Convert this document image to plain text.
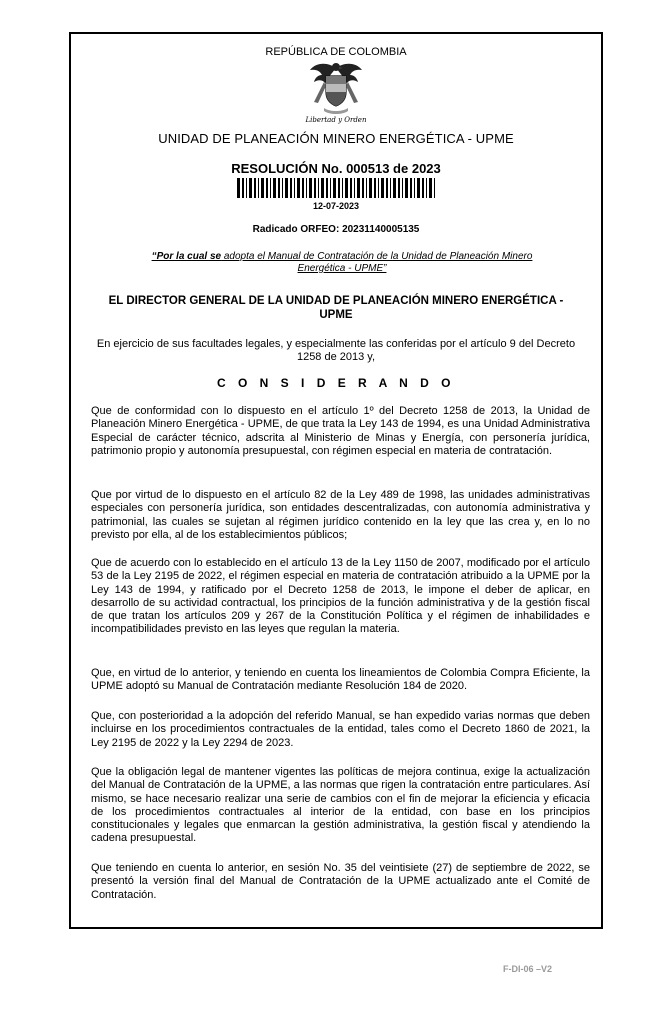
REPÚBLICA DE COLOMBIA
Libertad y Orden
UNIDAD DE PLANEACIÓN MINERO ENERGÉTICA - UPME
RESOLUCIÓN No. 000513 de 2023
12-07-2023
Radicado ORFEO: 20231140005135
“Por la cual se adopta el Manual de Contratación de la Unidad de Planeación Minero Energética - UPME”
EL DIRECTOR GENERAL DE LA UNIDAD DE PLANEACIÓN MINERO ENERGÉTICA - UPME
En ejercicio de sus facultades legales, y especialmente las conferidas por el artículo 9 del Decreto 1258 de 2013 y,
C O N S I D E R A N D O
Que de conformidad con lo dispuesto en el artículo 1º del Decreto 1258 de 2013, la Unidad de Planeación Minero Energética - UPME, de que trata la Ley 143 de 1994, es una Unidad Administrativa Especial de carácter técnico, adscrita al Ministerio de Minas y Energía, con personería jurídica, patrimonio propio y autonomía presupuestal, con régimen especial en materia de contratación.
Que por virtud de lo dispuesto en el artículo 82 de la Ley 489 de 1998, las unidades administrativas especiales con personería jurídica, son entidades descentralizadas, con autonomía administrativa y patrimonial, las cuales se sujetan al régimen jurídico contenido en la ley que las crea y, en lo no previsto por ella, al de los establecimientos públicos;
Que de acuerdo con lo establecido en el artículo 13 de la Ley 1150 de 2007, modificado por el artículo 53 de la Ley 2195 de 2022, el régimen especial en materia de contratación atribuido a la UPME por la Ley 143 de 1994, y ratificado por el Decreto 1258 de 2013, le impone el deber de aplicar, en desarrollo de su actividad contractual, los principios de la función administrativa y de la gestión fiscal de que tratan los artículos 209 y 267 de la Constitución Política y el régimen de inhabilidades e incompatibilidades previsto en las leyes que regulan la materia.
Que, en virtud de lo anterior, y teniendo en cuenta los lineamientos de Colombia Compra Eficiente, la UPME adoptó su Manual de Contratación mediante Resolución 184 de 2020.
Que, con posterioridad a la adopción del referido Manual, se han expedido varias normas que deben incluirse en los procedimientos contractuales de la entidad, tales como el Decreto 1860 de 2021, la Ley 2195 de 2022 y la Ley 2294 de 2023.
Que la obligación legal de mantener vigentes las políticas de mejora continua, exige la actualización del Manual de Contratación de la UPME, a las normas que rigen la contratación entre particulares. Así mismo, se hace necesario realizar una serie de cambios con el fin de mejorar la eficiencia y eficacia de los procedimientos contractuales al interior de la entidad, con base en los principios constitucionales y legales que enmarcan la gestión administrativa, la gestión fiscal y atendiendo la cadena presupuestal.
Que teniendo en cuenta lo anterior, en sesión No. 35 del veintisiete (27) de septiembre de 2022, se presentó la versión final del Manual de Contratación de la UPME actualizado ante el Comité de Contratación.
F-DI-06 –V2
